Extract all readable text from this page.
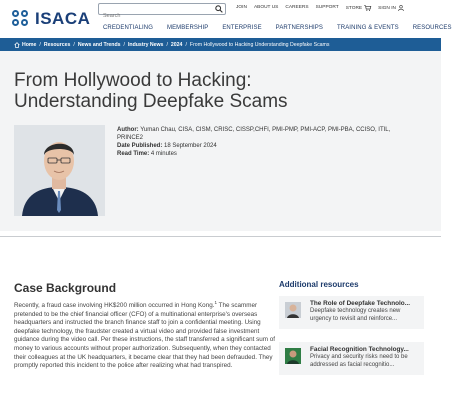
ISACA
Search
JOIN ABOUT US CAREERS SUPPORT STORE	SIGN IN
CREDENTIALING MEMBERSHIP ENTERPRISE PARTNERSHIPS TRAINING & EVENTS RESOURCES
Home / Resources / News and Trends / Industry News / 2024 / From Hollywood to Hacking Understanding Deepfake Scams
From Hollywood to Hacking: Understanding Deepfake Scams
Author: Yuman Chau, CISA, CISM, CRISC, CISSP,CHFI, PMI-PMP, PMI-ACP, PMI-PBA, CCISO, ITIL, PRINCE2
Date Published: 18 September 2024
Read Time: 4 minutes
Case Background

Recently, a fraud case involving HK$200 million occurred in Hong Kong.$^1$ The scammer pretended to be the chief financial officer (CFO) of a multinational enterprise's overseas headquarters and instructed the branch finance staff to join a confidential meeting. Using deepfake technology, the fraudster created a virtual video and provided false investment guidance during the video call. Per these instructions, the staff transferred a significant sum of money to various accounts without proper authorization. Subsequently, when they contacted their colleagues at the UK headquarters, it became clear that they had been defrauded. They promptly reported this incident to the police after realizing what had transpired.

Additional resources
The Role of Deepfake Technolo...
Deepfake technology creates new urgency to revisit and reinforce...
Facial Recognition Technology...
Privacy and security risks need to be addressed as facial recognitio...
